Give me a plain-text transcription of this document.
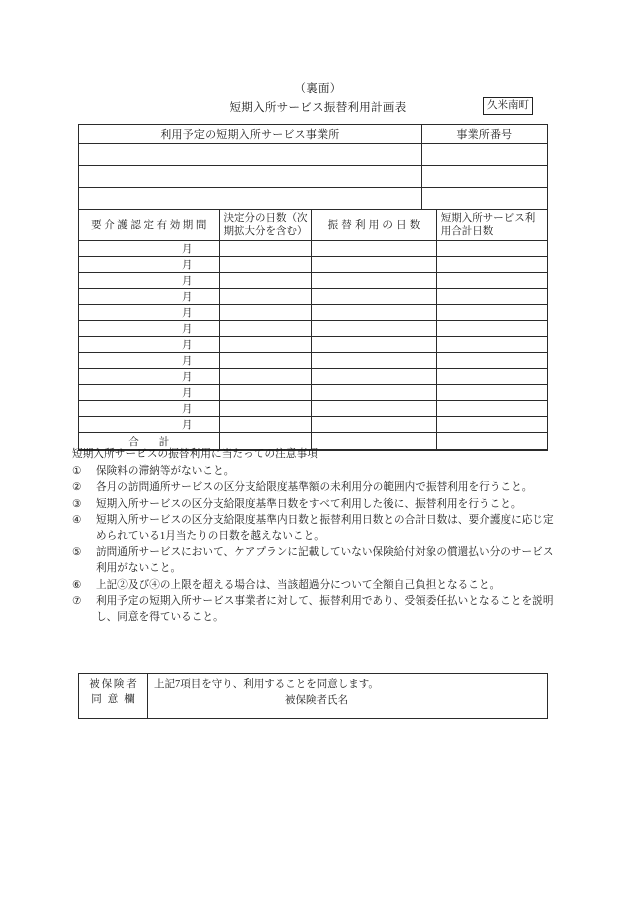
（裏面）
短期入所サービス振替利用計画表	久米南町
利用予定の短期入所サービス事業所	事業所番号

要介護認定有効期間	決定分の日数（次期拡大分を含む）	振替利用の日数	短期入所サービス利用合計日数
月			
月			
月			
月			
月			
月			
月			
月			
月			
月			
月			
月			
合計			

短期入所サービスの振替利用に当たっての注意事項

①	保険料の滞納等がないこと。
②	各月の訪問通所サービスの区分支給限度基準額の未利用分の範囲内で振替利用を行うこと。
③	短期入所サービスの区分支給限度基準日数をすべて利用した後に、振替利用を行うこと。
④	短期入所サービスの区分支給限度基準内日数と振替利用日数との合計日数は、要介護度に応じ定められている1月当たりの日数を越えないこと。
⑤	訪問通所サービスにおいて、ケアプランに記載していない保険給付対象の償還払い分のサービス利用がないこと。
⑥	上記②及び④の上限を超える場合は、当該超過分について全額自己負担となること。
⑦	利用予定の短期入所サービス事業者に対して、振替利用であり、受領委任払いとなることを説明し、同意を得ていること。
被保険者
同意欄

上記7項目を守り、利用することを同意します。
被保険者氏名
